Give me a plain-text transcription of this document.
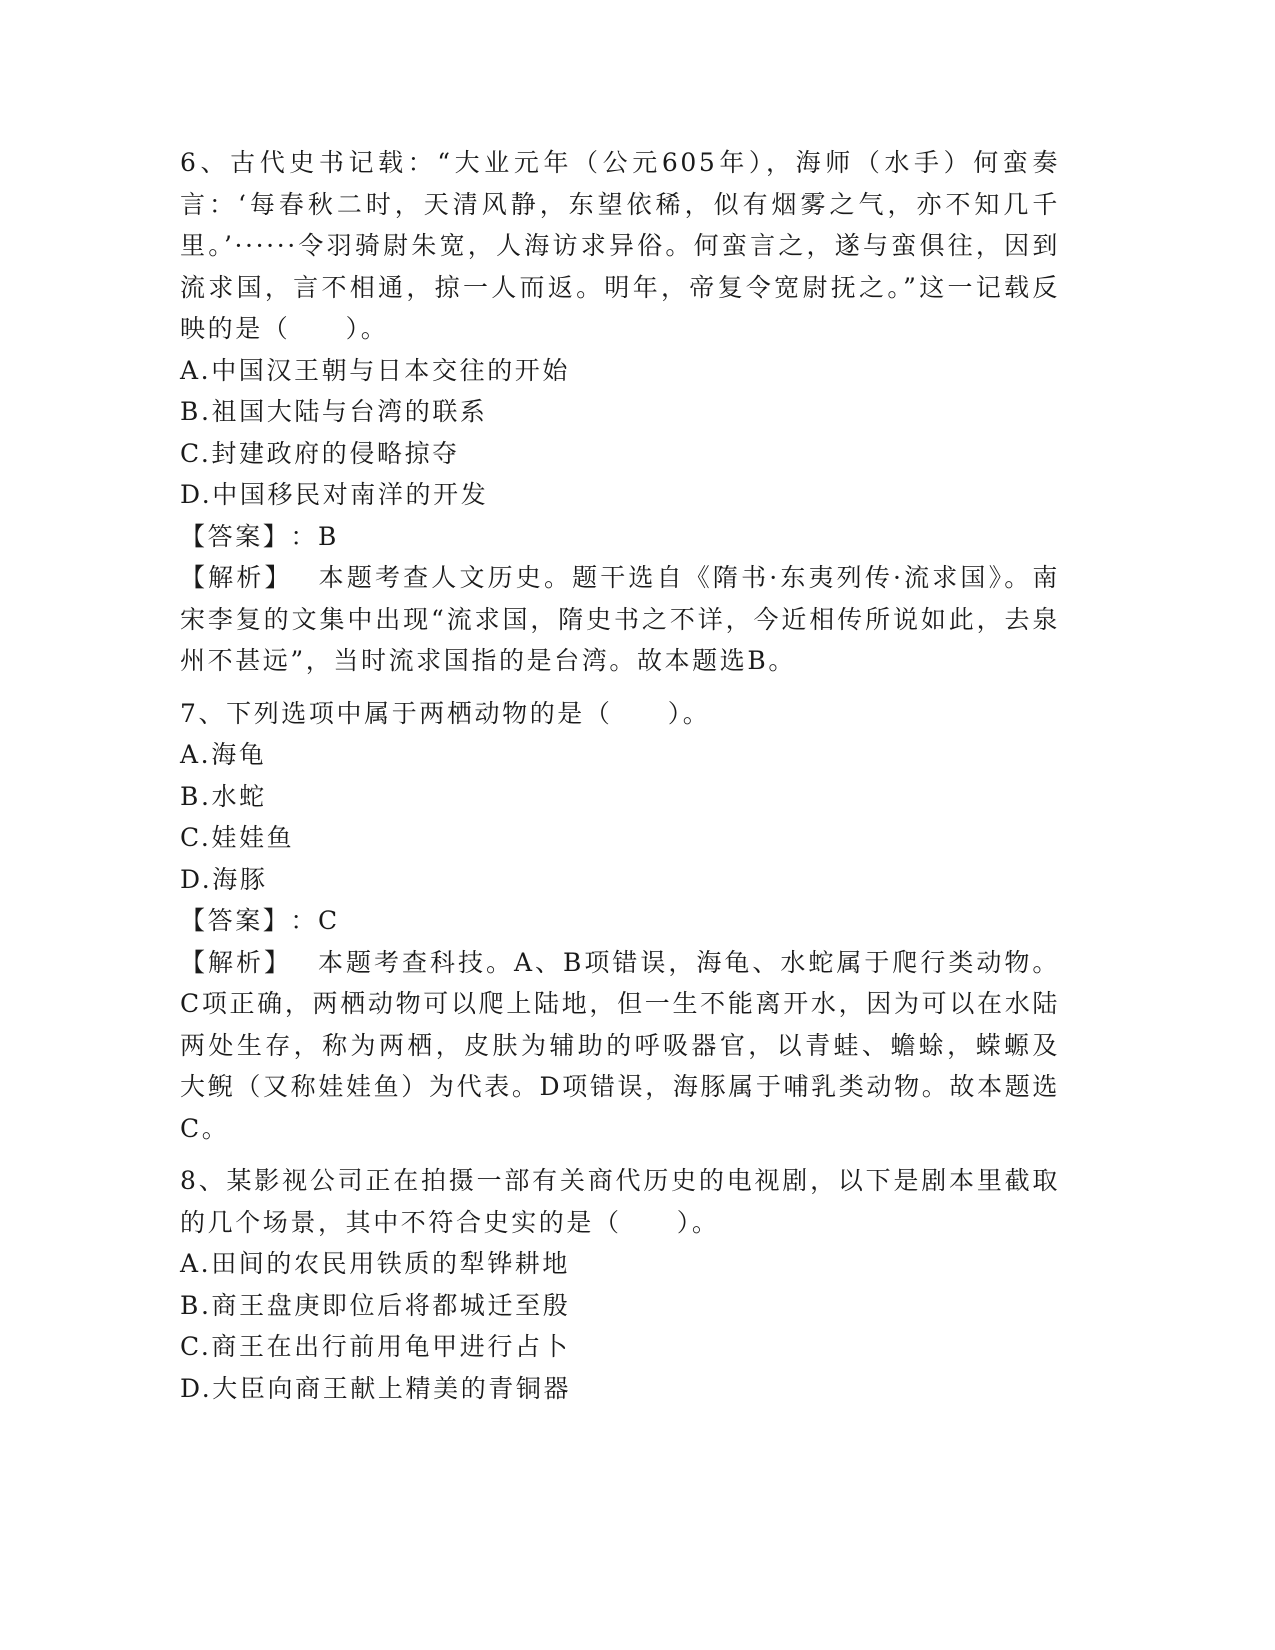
6、古代史书记载：“大业元年（公元605年），海师（水手）何蛮奏言：‘每春秋二时，天清风静，东望依稀，似有烟雾之气，亦不知几千里。’······令羽骑尉朱宽，人海访求异俗。何蛮言之，遂与蛮俱往，因到流求国，言不相通，掠一人而返。明年，帝复令宽尉抚之。”这一记载反映的是（　　）。

A.中国汉王朝与日本交往的开始

B.祖国大陆与台湾的联系

C.封建政府的侵略掠夺

D.中国移民对南洋的开发

【答案】：B

【解析】 本题考查人文历史。题干选自《隋书·东夷列传·流求国》。南宋李复的文集中出现“流求国，隋史书之不详，今近相传所说如此，去泉州不甚远”，当时流求国指的是台湾。故本题选B。

7、下列选项中属于两栖动物的是（　　）。

A.海龟

B.水蛇

C.娃娃鱼

D.海豚

【答案】：C

【解析】 本题考查科技。A、B项错误，海龟、水蛇属于爬行类动物。C项正确，两栖动物可以爬上陆地，但一生不能离开水，因为可以在水陆两处生存，称为两栖，皮肤为辅助的呼吸器官，以青蛙、蟾蜍，蝾螈及大鲵（又称娃娃鱼）为代表。D项错误，海豚属于哺乳类动物。故本题选C。

8、某影视公司正在拍摄一部有关商代历史的电视剧，以下是剧本里截取的几个场景，其中不符合史实的是（　　）。

A.田间的农民用铁质的犁铧耕地

B.商王盘庚即位后将都城迁至殷

C.商王在出行前用龟甲进行占卜

D.大臣向商王献上精美的青铜器
